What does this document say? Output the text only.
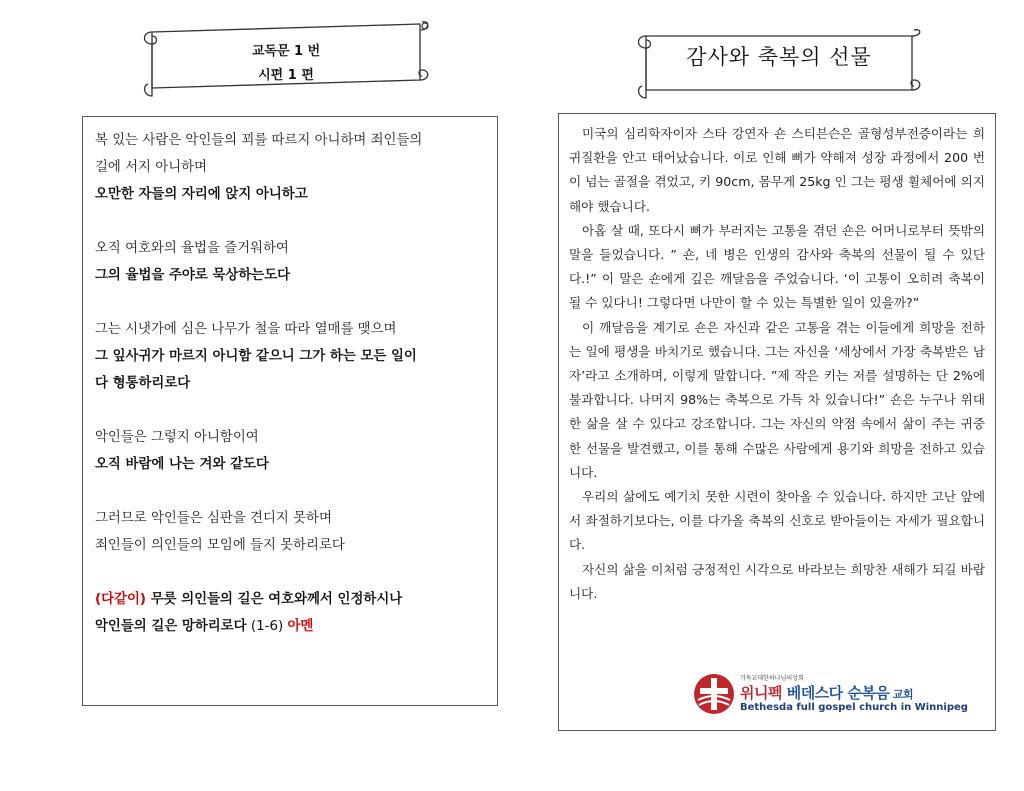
교독문 1 번
시편 1 편
감사와 축복의 선물
복 있는 사람은 악인들의 꾀를 따르지 아니하며 죄인들의
길에 서지 아니하며
오만한 자들의 자리에 앉지 아니하고
오직 여호와의 율법을 즐거워하여
그의 율법을 주야로 묵상하는도다
그는 시냇가에 심은 나무가 철을 따라 열매를 맺으며
그 잎사귀가 마르지 아니함 같으니 그가 하는 모든 일이
다 형통하리로다
악인들은 그렇지 아니함이여
오직 바람에 나는 겨와 같도다
그러므로 악인들은 심판을 견디지 못하며
죄인들이 의인들의 모임에 들지 못하리로다
(다같이) 무릇 의인들의 길은 여호와께서 인정하시나
악인들의 길은 망하리로다 (1-6) 아멘

미국의 심리학자이자 스타 강연자 숀 스티븐슨은 골형성부전증이라는 희귀질환을 안고 태어났습니다. 이로 인해 뼈가 약해져 성장 과정에서 200 번이 넘는 골절을 겪었고, 키 90cm, 몸무게 25kg 인 그는 평생 휠체어에 의지해야 했습니다.

아홉 살 때, 또다시 뼈가 부러지는 고통을 겪던 숀은 어머니로부터 뜻밖의 말을 들었습니다. ” 숀, 네 병은 인생의 감사와 축복의 선물이 될 수 있단다.!” 이 말은 숀에게 깊은 깨달음을 주었습니다. ‘이 고통이 오히려 축복이 될 수 있다니! 그렇다면 나만이 할 수 있는 특별한 일이 있을까?”

이 깨달음을 계기로 숀은 자신과 같은 고통을 겪는 이들에게 희망을 전하는 일에 평생을 바치기로 했습니다. 그는 자신을 ‘세상에서 가장 축복받은 남자’라고 소개하며, 이렇게 말합니다. ”제 작은 키는 저를 설명하는 단 2%에 불과합니다. 나머지 98%는 축복으로 가득 차 있습니다!” 숀은 누구나 위대한 삶을 살 수 있다고 강조합니다. 그는 자신의 약점 속에서 삶이 주는 귀중한 선물을 발견했고, 이를 통해 수많은 사람에게 용기와 희망을 전하고 있습니다.

우리의 삶에도 예기치 못한 시련이 찾아올 수 있습니다. 하지만 고난 앞에서 좌절하기보다는, 이를 다가올 축복의 신호로 받아들이는 자세가 필요합니다.

자신의 삶을 이처럼 긍정적인 시각으로 바라보는 희망찬 새해가 되길 바랍니다.

기독교대한하나님의성회
위니펙 베데스다 순복음 교회
Bethesda full gospel church in Winnipeg
